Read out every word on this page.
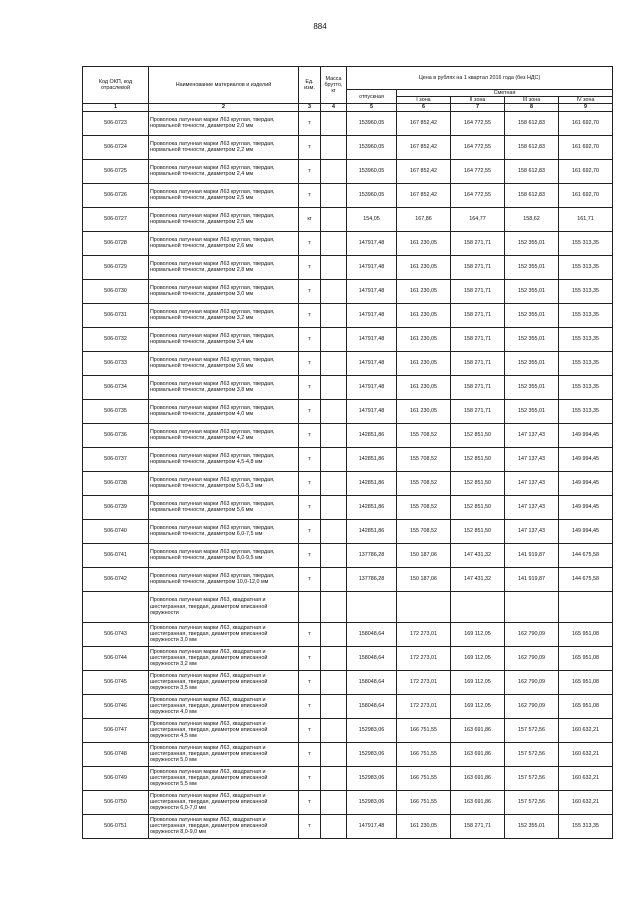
884
Код ОКП, код отраслевой	Наименование материалов и изделий	Ед. изм.	Масса брутто, кг	Цена в рублях на 1 квартал 2016 года (без НДС)				
				отпускная	Сметная			
					I зона	II зона	III зона	IV зона
1	2	3	4	5	6	7	8	9
506-0723	Проволока латунная марки Л63 круглая, твердая, нормальной точности, диаметром 2,0 мм	т		153960,05	167 852,42	164 772,55	158 612,83	161 692,70
506-0724	Проволока латунная марки Л63 круглая, твердая, нормальной точности, диаметром 2,2 мм	т		153960,05	167 852,42	164 772,55	158 612,83	161 692,70
506-0725	Проволока латунная марки Л63 круглая, твердая, нормальной точности, диаметром 2,4 мм	т		153960,05	167 852,42	164 772,55	158 612,83	161 692,70
506-0726	Проволока латунная марки Л63 круглая, твердая, нормальной точности, диаметром 2,5 мм	т		153960,05	167 852,42	164 772,55	158 612,83	161 692,70
506-0727	Проволока латунная марки Л63 круглая, твердая, нормальной точности, диаметром 2,5 мм	кг		154,05	167,86	164,77	158,62	161,71
506-0728	Проволока латунная марки Л63 круглая, твердая, нормальной точности, диаметром 2,6 мм	т		147917,48	161 230,05	158 271,71	152 355,01	155 313,35
506-0729	Проволока латунная марки Л63 круглая, твердая, нормальной точности, диаметром 2,8 мм	т		147917,48	161 230,05	158 271,71	152 355,01	155 313,35
506-0730	Проволока латунная марки Л63 круглая, твердая, нормальной точности, диаметром 3,0 мм	т		147917,48	161 230,05	158 271,71	152 355,01	155 313,35
506-0731	Проволока латунная марки Л63 круглая, твердая, нормальной точности, диаметром 3,2 мм	т		147917,48	161 230,05	158 271,71	152 355,01	155 313,35
506-0732	Проволока латунная марки Л63 круглая, твердая, нормальной точности, диаметром 3,4 мм	т		147917,48	161 230,05	158 271,71	152 355,01	155 313,35
506-0733	Проволока латунная марки Л63 круглая, твердая, нормальной точности, диаметром 3,6 мм	т		147917,48	161 230,05	158 271,71	152 355,01	155 313,35
506-0734	Проволока латунная марки Л63 круглая, твердая, нормальной точности, диаметром 3,8 мм	т		147917,48	161 230,05	158 271,71	152 355,01	155 313,35
506-0735	Проволока латунная марки Л63 круглая, твердая, нормальной точности, диаметром 4,0 мм	т		147917,48	161 230,05	158 271,71	152 355,01	155 313,35
506-0736	Проволока латунная марки Л63 круглая, твердая, нормальной точности, диаметром 4,2 мм	т		142851,86	155 708,52	152 851,50	147 137,43	149 994,45
506-0737	Проволока латунная марки Л63 круглая, твердая, нормальной точности, диаметром 4,5-4,8 мм	т		142851,86	155 708,52	152 851,50	147 137,43	149 994,45
506-0738	Проволока латунная марки Л63 круглая, твердая, нормальной точности, диаметром 5,0-5,3 мм	т		142851,86	155 708,52	152 851,50	147 137,43	149 994,45
506-0739	Проволока латунная марки Л63 круглая, твердая, нормальной точности, диаметром 5,6 мм	т		142851,86	155 708,52	152 851,50	147 137,43	149 994,45
506-0740	Проволока латунная марки Л63 круглая, твердая, нормальной точности, диаметром 6,0-7,5 мм	т		142851,86	155 708,52	152 851,50	147 137,43	149 994,45
506-0741	Проволока латунная марки Л63 круглая, твердая, нормальной точности, диаметром 8,0-9,5 мм	т		137786,28	150 187,06	147 431,32	141 919,87	144 675,58
506-0742	Проволока латунная марки Л63 круглая, твердая, нормальной точности, диаметром 10,0-12,0 мм	т		137786,28	150 187,06	147 431,32	141 919,87	144 675,58
	Проволока латунная марки Л63, квадратная и шестигранная, твердая, диаметром вписанной окружности							
506-0743	Проволока латунная марки Л63, квадратная и шестигранная, твердая, диаметром вписанной окружности 3,0 мм	т		158048,64	172 273,01	169 112,05	162 790,09	165 951,08
506-0744	Проволока латунная марки Л63, квадратная и шестигранная, твердая, диаметром вписанной окружности 3,2 мм	т		158048,64	172 273,01	169 112,05	162 790,09	165 951,08
506-0745	Проволока латунная марки Л63, квадратная и шестигранная, твердая, диаметром вписанной окружности 3,5 мм	т		158048,64	172 273,01	169 112,05	162 790,09	165 951,08
506-0746	Проволока латунная марки Л63, квадратная и шестигранная, твердая, диаметром вписанной окружности 4,0 мм	т		158048,64	172 273,01	169 112,05	162 790,09	165 951,08
506-0747	Проволока латунная марки Л63, квадратная и шестигранная, твердая, диаметром вписанной окружности 4,5 мм	т		152983,06	166 751,55	163 691,86	157 572,56	160 632,21
506-0748	Проволока латунная марки Л63, квадратная и шестигранная, твердая, диаметром вписанной окружности 5,0 мм	т		152983,06	166 751,55	163 691,86	157 572,56	160 632,21
506-0749	Проволока латунная марки Л63, квадратная и шестигранная, твердая, диаметром вписанной окружности 5,5 мм	т		152983,06	166 751,55	163 691,86	157 572,56	160 632,21
506-0750	Проволока латунная марки Л63, квадратная и шестигранная, твердая, диаметром вписанной окружности 6,0-7,0 мм	т		152983,06	166 751,55	163 691,86	157 572,56	160 632,21
506-0751	Проволока латунная марки Л63, квадратная и шестигранная, твердая, диаметром вписанной окружности 8,0-9,0 мм	т		147917,48	161 230,05	158 271,71	152 355,01	155 313,35
